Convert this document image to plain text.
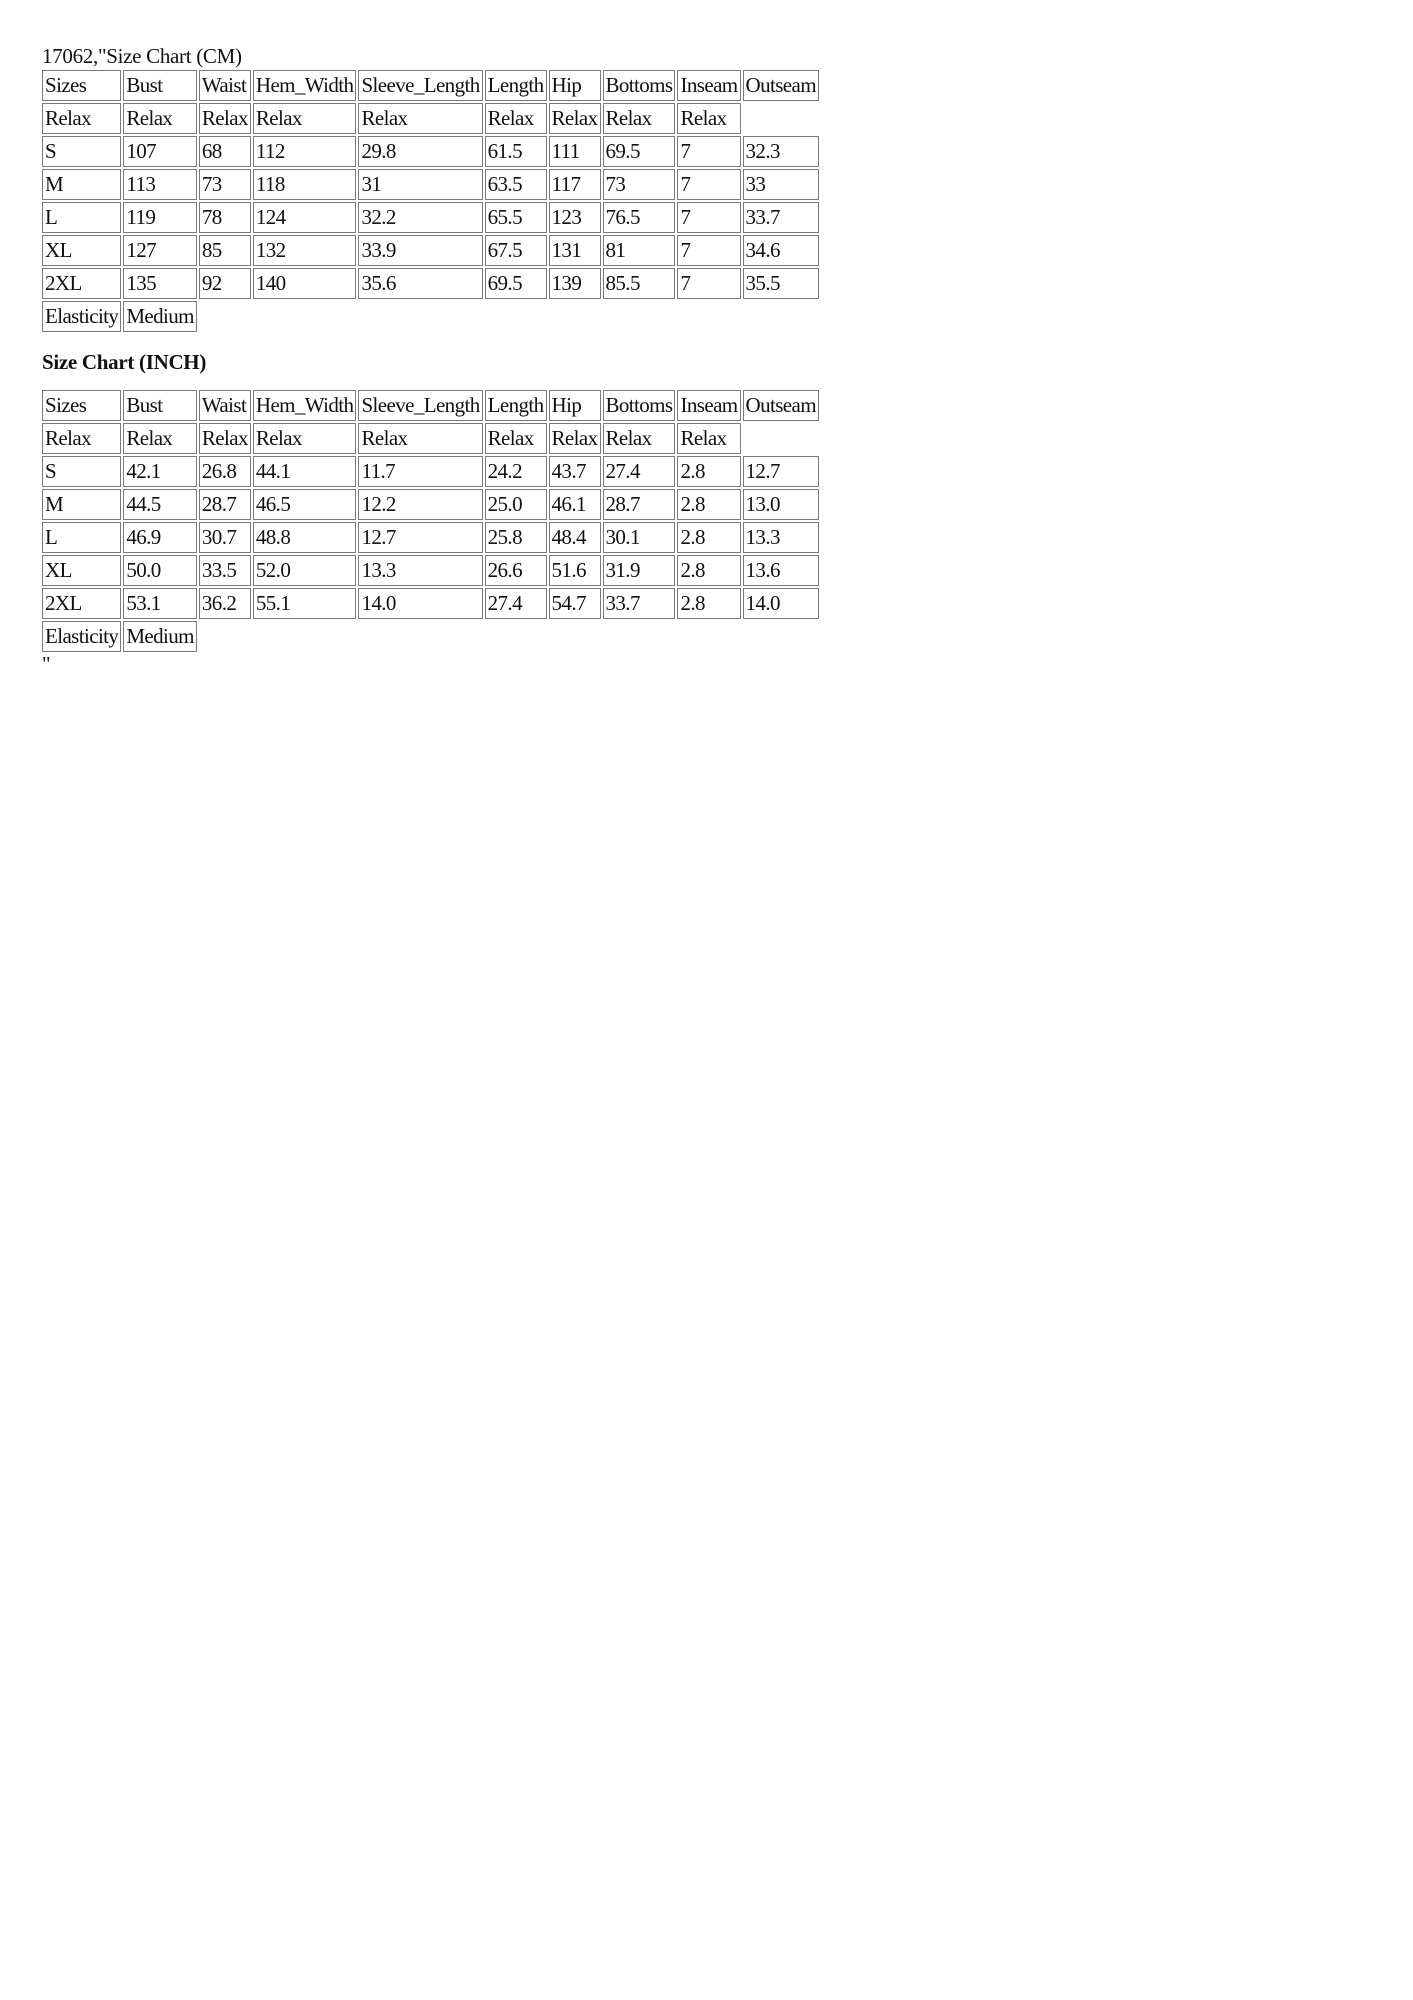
17062,"Size Chart (CM)

Sizes	Bust	Waist	Hem_Width	Sleeve_Length	Length	Hip	Bottoms	Inseam	Outseam
Relax	Relax	Relax	Relax	Relax	Relax	Relax	Relax	Relax	
S	107	68	112	29.8	61.5	111	69.5	7	32.3
M	113	73	118	31	63.5	117	73	7	33
L	119	78	124	32.2	65.5	123	76.5	7	33.7
XL	127	85	132	33.9	67.5	131	81	7	34.6
2XL	135	92	140	35.6	69.5	139	85.5	7	35.5
Elasticity	Medium								

Size Chart (INCH)

Sizes	Bust	Waist	Hem_Width	Sleeve_Length	Length	Hip	Bottoms	Inseam	Outseam
Relax	Relax	Relax	Relax	Relax	Relax	Relax	Relax	Relax	
S	42.1	26.8	44.1	11.7	24.2	43.7	27.4	2.8	12.7
M	44.5	28.7	46.5	12.2	25.0	46.1	28.7	2.8	13.0
L	46.9	30.7	48.8	12.7	25.8	48.4	30.1	2.8	13.3
XL	50.0	33.5	52.0	13.3	26.6	51.6	31.9	2.8	13.6
2XL	53.1	36.2	55.1	14.0	27.4	54.7	33.7	2.8	14.0
Elasticity	Medium								

"
